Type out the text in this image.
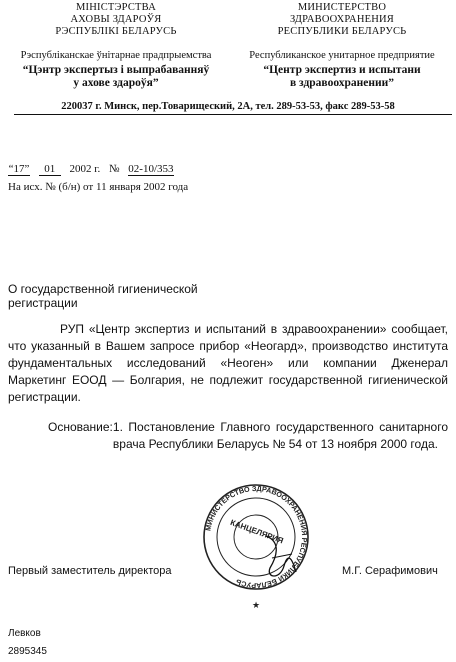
МІНІСТЭРСТВА
АХОВЫ ЗДАРОЎЯ
РЭСПУБЛІКІ БЕЛАРУСЬ
Рэспубліканскае ўнітарнае прадпрыемства
“Цэнтр экспертыз і выпрабаванняў
у ахове здароўя”
МИНИСТЕРСТВО
ЗДРАВООХРАНЕНИЯ
РЕСПУБЛИКИ БЕЛАРУСЬ
Республиканское унитарное предприятие
“Центр экспертиз и испытани
в здравоохранении”
220037 г. Минск, пер.Товарищеский, 2А, тел. 289-53-53, факс 289-53-58
“17” 01 2002 г. № 02-10/353
На исх. № (б/н) от 11 января 2002 года
О государственной гигиенической
регистрации
РУП «Центр экспертиз и испытаний в здравоохранении» сообщает, что указанный в Вашем запросе прибор «Неогард», производство института фундаментальных исследований «Неоген» или компании Дженерал Маркетинг ЕООД — Болгария, не подлежит государственной гигиенической регистрации.
Основание: 1. Постановление Главного государственного санитарного врача Республики Беларусь № 54 от 13 ноября 2000 года.
МИНИСТЕРСТВО ЗДРАВООХРАНЕНИЯ РЕСПУБЛИКИ БЕЛАРУСЬ
КАНЦЕЛЯРИЯ
★
Первый заместитель директора	М.Г. Серафимович
Левков
2895345
